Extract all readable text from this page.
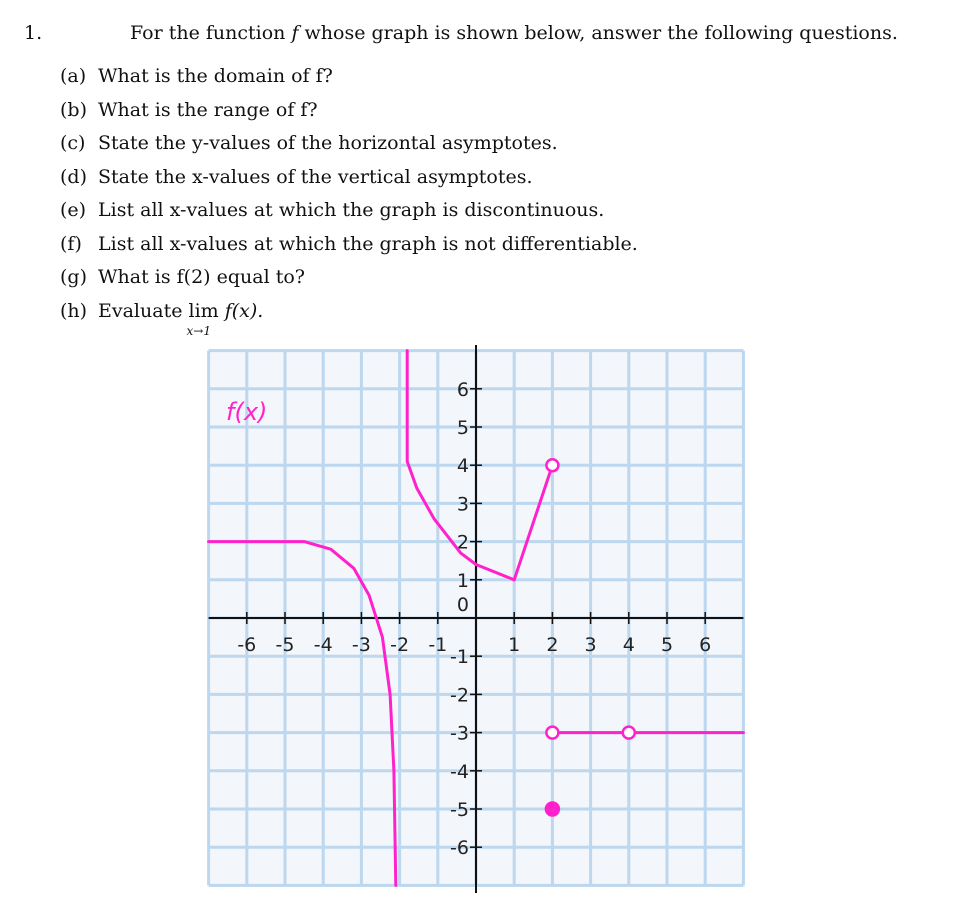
1.	For the function f whose graph is shown below, answer the following questions.
(a) What is the domain of f?
(b) What is the range of f?
(c) State the y-values of the horizontal asymptotes.
(d) State the x-values of the vertical asymptotes.
(e) List all x-values at which the graph is discontinuous.
(f) List all x-values at which the graph is not differentiable.
(g) What is f(2) equal to?
(h) Evaluate lim
x→1
f(x).
-6 -5 -4 -3 -2 -1	1 2 3 4 5 6
6
5
4
3
2
1
-1
-2
-3
-4
-5
-6
0
f(x)
